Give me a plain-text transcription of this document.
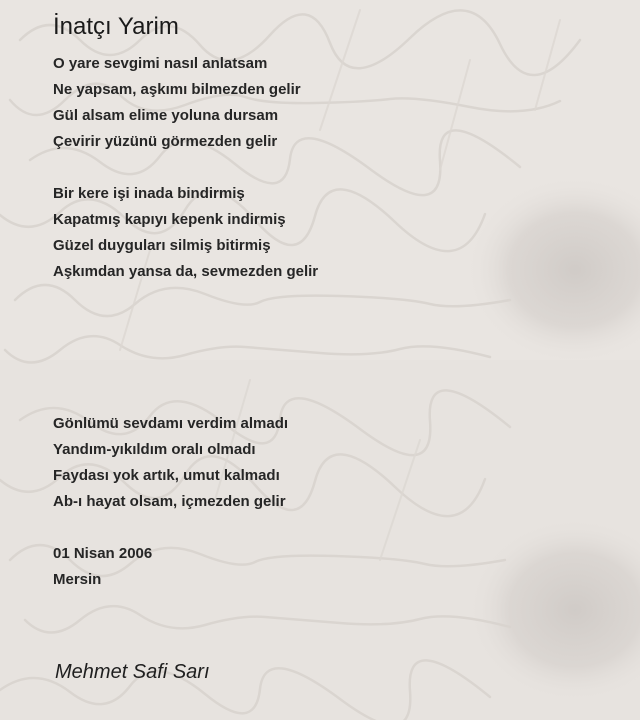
İnatçı Yarim
O yare sevgimi nasıl anlatsam
Ne yapsam, aşkımı bilmezden gelir
Gül alsam elime yoluna dursam
Çevirir yüzünü görmezden gelir
Bir kere işi inada bindirmiş
Kapatmış kapıyı kepenk indirmiş
Güzel duyguları silmiş bitirmiş
Aşkımdan yansa da, sevmezden gelir
Gönlümü sevdamı verdim almadı
Yandım-yıkıldım oralı olmadı
Faydası yok artık, umut kalmadı
Ab-ı hayat olsam, içmezden gelir
01 Nisan 2006
Mersin
Mehmet Safi Sarı
